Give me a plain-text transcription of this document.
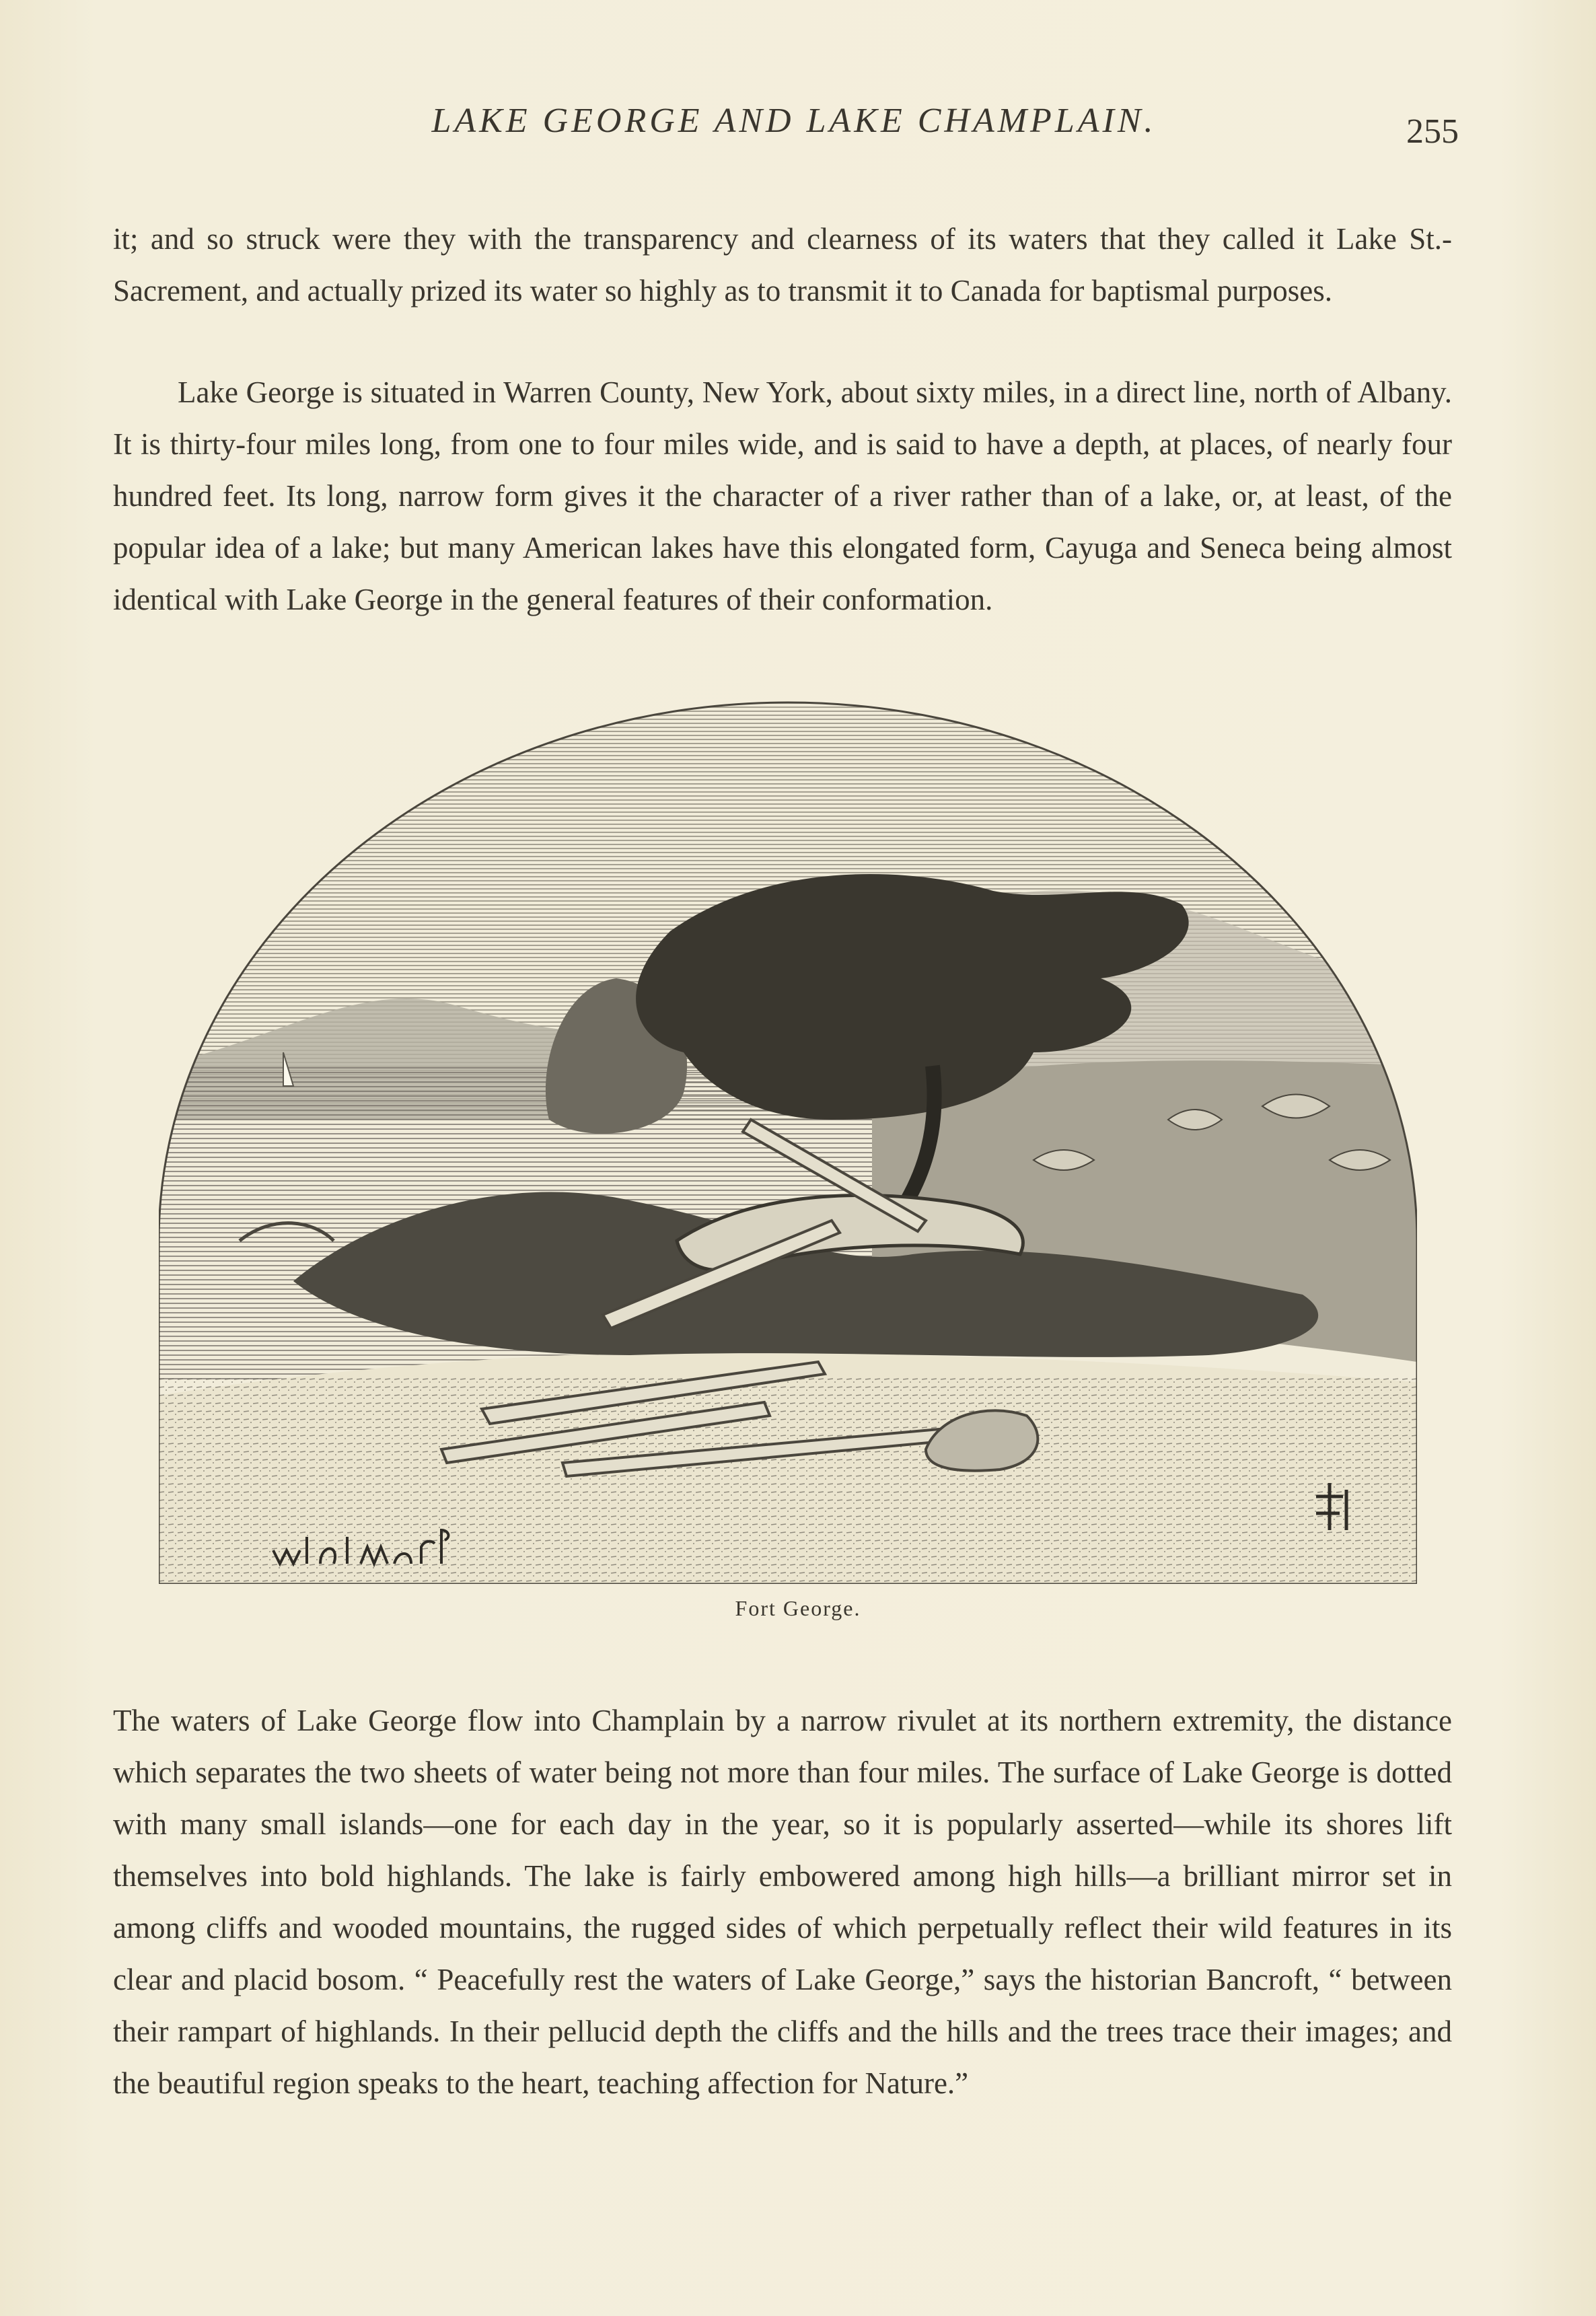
LAKE GEORGE AND LAKE CHAMPLAIN.	255

it; and so struck were they with the transparency and clearness of its waters that they called it Lake St.-Sacrement, and actually prized its water so highly as to transmit it to Canada for baptismal purposes.

Lake George is situated in Warren County, New York, about sixty miles, in a direct line, north of Albany. It is thirty-four miles long, from one to four miles wide, and is said to have a depth, at places, of nearly four hundred feet. Its long, narrow form gives it the character of a river rather than of a lake, or, at least, of the popular idea of a lake; but many American lakes have this elongated form, Cayuga and Seneca being almost identical with Lake George in the general features of their conformation.

Fort George.

The waters of Lake George flow into Champlain by a narrow rivulet at its northern extremity, the distance which separates the two sheets of water being not more than four miles. The surface of Lake George is dotted with many small islands—one for each day in the year, so it is popularly asserted—while its shores lift themselves into bold highlands. The lake is fairly embowered among high hills—a brilliant mirror set in among cliffs and wooded mountains, the rugged sides of which perpetually reflect their wild features in its clear and placid bosom. “ Peacefully rest the waters of Lake George,” says the historian Bancroft, “ between their rampart of highlands. In their pellucid depth the cliffs and the hills and the trees trace their images; and the beautiful region speaks to the heart, teaching affection for Nature.”
